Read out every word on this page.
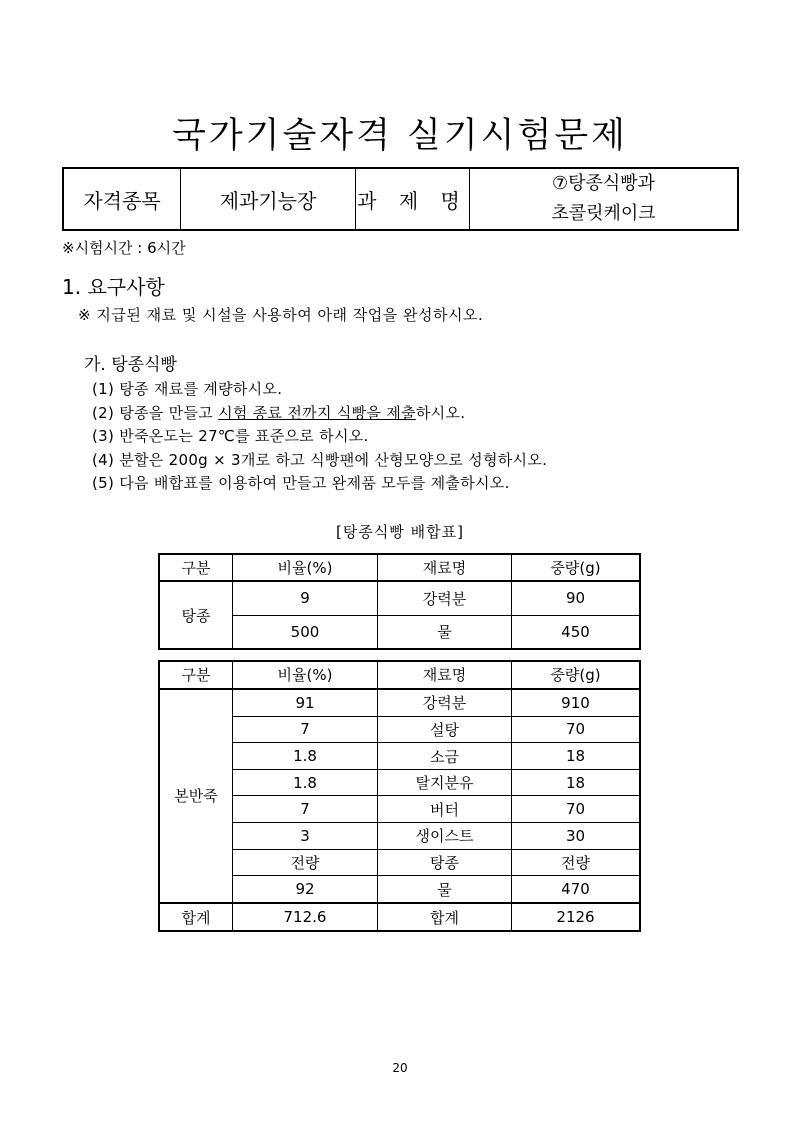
국가기술자격 실기시험문제
자격종목	제과기능장	과 제 명	
⑦탕종식빵과
초콜릿케이크
※시험시간 : 6시간
1. 요구사항
※ 지급된 재료 및 시설을 사용하여 아래 작업을 완성하시오.
가. 탕종식빵
(1) 탕종 재료를 계량하시오.
(2) 탕종을 만들고 시험 종료 전까지 식빵을 제출하시오.
(3) 반죽온도는 27℃를 표준으로 하시오.
(4) 분할은 200g × 3개로 하고 식빵팬에 산형모양으로 성형하시오.
(5) 다음 배합표를 이용하여 만들고 완제품 모두를 제출하시오.
[탕종식빵 배합표]
구분	비율(%)	재료명	중량(g)
탕종	9	강력분	90
	500	물	450
구분	비율(%)	재료명	중량(g)
본반죽	91	강력분	910
	7	설탕	70
	1.8	소금	18
	1.8	탈지분유	18
	7	버터	70
	3	생이스트	30
	전량	탕종	전량
	92	물	470
합계	712.6	합계	2126
20
